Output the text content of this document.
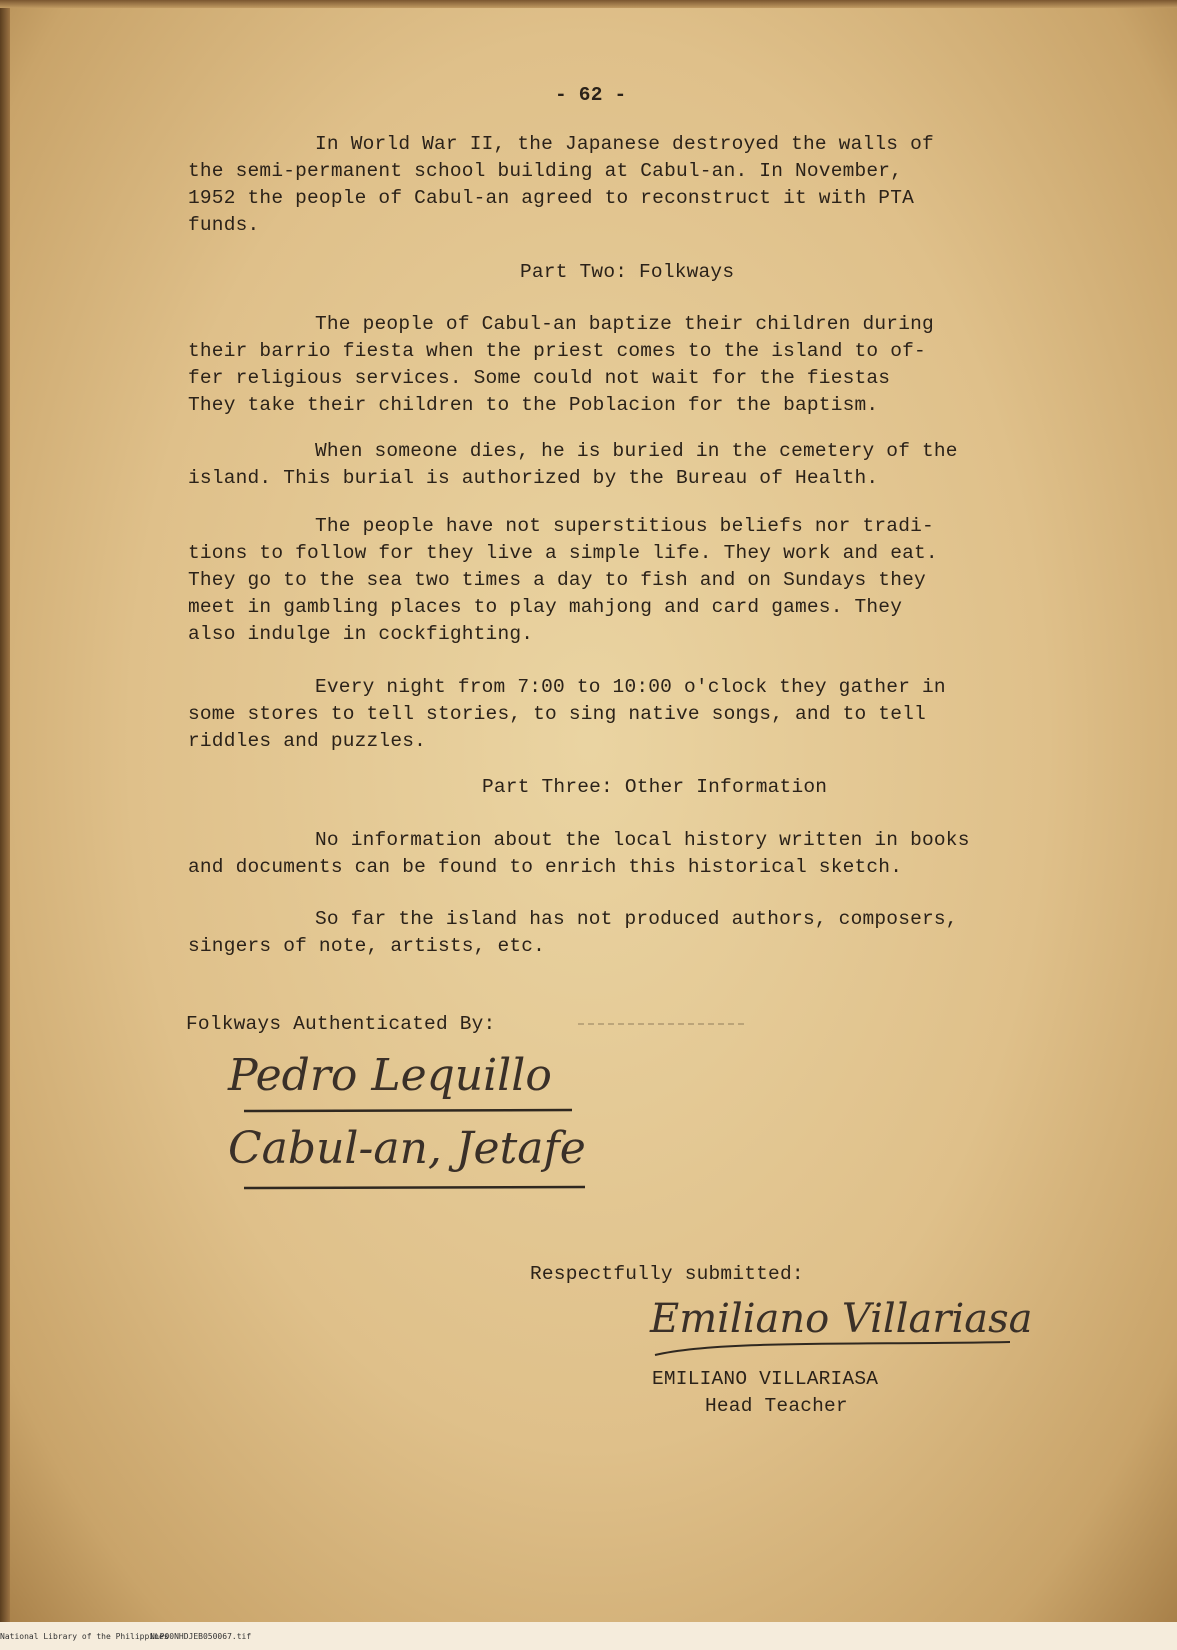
- 62 -
In World War II, the Japanese destroyed the walls of
the semi-permanent school building at Cabul-an. In November,
1952 the people of Cabul-an agreed to reconstruct it with PTA
funds.
Part Two: Folkways
The people of Cabul-an baptize their children during
their barrio fiesta when the priest comes to the island to of-
fer religious services. Some could not wait for the fiestas
They take their children to the Poblacion for the baptism.
When someone dies, he is buried in the cemetery of the
island. This burial is authorized by the Bureau of Health.
The people have not superstitious beliefs nor tradi-
tions to follow for they live a simple life. They work and eat.
They go to the sea two times a day to fish and on Sundays they
meet in gambling places to play mahjong and card games. They
also indulge in cockfighting.
Every night from 7:00 to 10:00 o'clock they gather in
some stores to tell stories, to sing native songs, and to tell
riddles and puzzles.
Part Three: Other Information
No information about the local history written in books
and documents can be found to enrich this historical sketch.
So far the island has not produced authors, composers,
singers of note, artists, etc.
Folkways Authenticated By:
Pedro Lequillo
Cabul-an, Jetafe
Respectfully submitted:
Emiliano Villariasa
EMILIANO VILLARIASA
Head Teacher
National Library of the Philippines
NLP00NHDJEB050067.tif
